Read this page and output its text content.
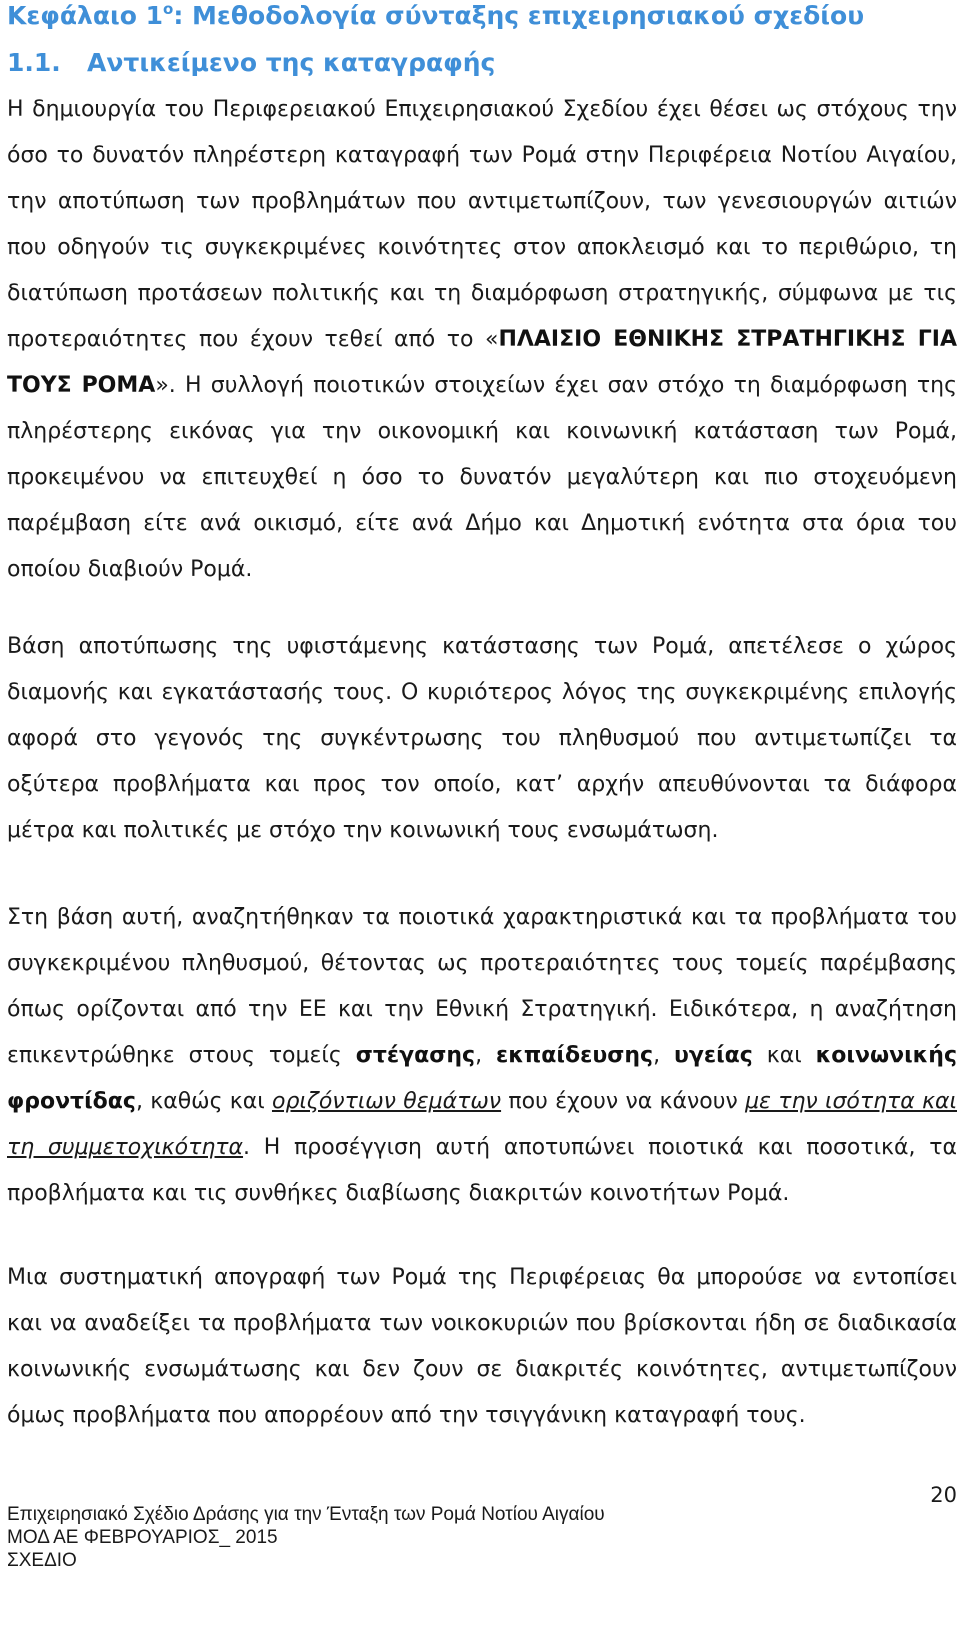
Κεφάλαιο $1^o$: Μεθοδολογία σύνταξης επιχειρησιακού σχεδίου
1.1. Αντικείμενο της καταγραφής

Η δημιουργία του Περιφερειακού Επιχειρησιακού Σχεδίου έχει θέσει ως στόχους την όσο το δυνατόν πληρέστερη καταγραφή των Ρομά στην Περιφέρεια Νοτίου Αιγαίου, την αποτύπωση των προβλημάτων που αντιμετωπίζουν, των γενεσιουργών αιτιών που οδηγούν τις συγκεκριμένες κοινότητες στον αποκλεισμό και το περιθώριο, τη διατύπωση προτάσεων πολιτικής και τη διαμόρφωση στρατηγικής, σύμφωνα με τις προτεραιότητες που έχουν τεθεί από το «ΠΛΑΙΣΙΟ ΕΘΝΙΚΗΣ ΣΤΡΑΤΗΓΙΚΗΣ ΓΙΑ ΤΟΥΣ ΡΟΜΑ». Η συλλογή ποιοτικών στοιχείων έχει σαν στόχο τη διαμόρφωση της πληρέστερης εικόνας για την οικονομική και κοινωνική κατάσταση των Ρομά, προκειμένου να επιτευχθεί η όσο το δυνατόν μεγαλύτερη και πιο στοχευόμενη παρέμβαση είτε ανά οικισμό, είτε ανά Δήμο και Δημοτική ενότητα στα όρια του οποίου διαβιούν Ρομά.

Βάση αποτύπωσης της υφιστάμενης κατάστασης των Ρομά, απετέλεσε ο χώρος διαμονής και εγκατάστασής τους. Ο κυριότερος λόγος της συγκεκριμένης επιλογής αφορά στο γεγονός της συγκέντρωσης του πληθυσμού που αντιμετωπίζει τα οξύτερα προβλήματα και προς τον οποίο, κατ’ αρχήν απευθύνονται τα διάφορα μέτρα και πολιτικές με στόχο την κοινωνική τους ενσωμάτωση.

Στη βάση αυτή, αναζητήθηκαν τα ποιοτικά χαρακτηριστικά και τα προβλήματα του συγκεκριμένου πληθυσμού, θέτοντας ως προτεραιότητες τους τομείς παρέμβασης όπως ορίζονται από την ΕΕ και την Εθνική Στρατηγική. Ειδικότερα, η αναζήτηση επικεντρώθηκε στους τομείς στέγασης, εκπαίδευσης, υγείας και κοινωνικής φροντίδας, καθώς και οριζόντιων θεμάτων που έχουν να κάνουν με την ισότητα και τη συμμετοχικότητα. Η προσέγγιση αυτή αποτυπώνει ποιοτικά και ποσοτικά, τα προβλήματα και τις συνθήκες διαβίωσης διακριτών κοινοτήτων Ρομά.

Μια συστηματική απογραφή των Ρομά της Περιφέρειας θα μπορούσε να εντοπίσει και να αναδείξει τα προβλήματα των νοικοκυριών που βρίσκονται ήδη σε διαδικασία κοινωνικής ενσωμάτωσης και δεν ζουν σε διακριτές κοινότητες, αντιμετωπίζουν όμως προβλήματα που απορρέουν από την τσιγγάνικη καταγραφή τους.

20
Επιχειρησιακό Σχέδιο Δράσης για την Ένταξη των Ρομά Νοτίου Αιγαίου
ΜΟΔ ΑΕ ΦΕΒΡΟΥΑΡΙΟΣ_ 2015
ΣΧΕΔΙΟ
